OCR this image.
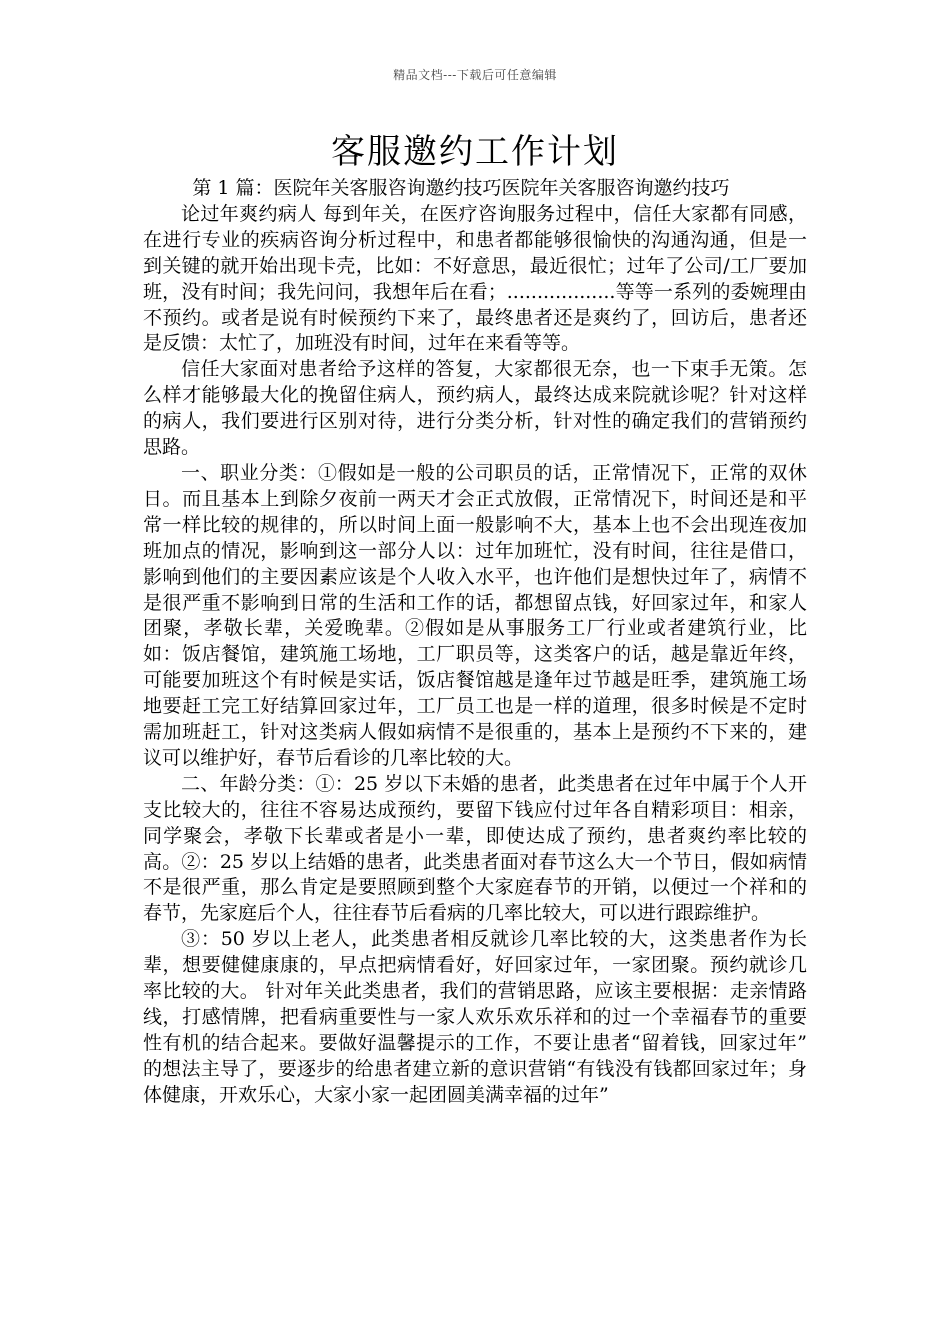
精品文档---下载后可任意编辑
客服邀约工作计划

第 1 篇：医院年关客服咨询邀约技巧医院年关客服咨询邀约技巧

论过年爽约病人 每到年关，在医疗咨询服务过程中，信任大家都有同感，在进行专业的疾病咨询分析过程中，和患者都能够很愉快的沟通沟通，但是一到关键的就开始出现卡壳，比如：不好意思，最近很忙；过年了公司/工厂要加班，没有时间；我先问问，我想年后在看；..................等等一系列的委婉理由不预约。或者是说有时候预约下来了，最终患者还是爽约了，回访后，患者还是反馈：太忙了，加班没有时间，过年在来看等等。

信任大家面对患者给予这样的答复，大家都很无奈，也一下束手无策。怎么样才能够最大化的挽留住病人，预约病人，最终达成来院就诊呢？针对这样的病人，我们要进行区别对待，进行分类分析，针对性的确定我们的营销预约思路。

一、职业分类：①假如是一般的公司职员的话，正常情况下，正常的双休日。而且基本上到除夕夜前一两天才会正式放假，正常情况下，时间还是和平常一样比较的规律的，所以时间上面一般影响不大，基本上也不会出现连夜加班加点的情况，影响到这一部分人以：过年加班忙，没有时间，往往是借口，影响到他们的主要因素应该是个人收入水平，也许他们是想快过年了，病情不是很严重不影响到日常的生活和工作的话，都想留点钱，好回家过年，和家人团聚，孝敬长辈，关爱晚辈。②假如是从事服务工厂行业或者建筑行业，比如：饭店餐馆，建筑施工场地，工厂职员等，这类客户的话，越是靠近年终，可能要加班这个有时候是实话，饭店餐馆越是逢年过节越是旺季，建筑施工场地要赶工完工好结算回家过年，工厂员工也是一样的道理，很多时候是不定时需加班赶工，针对这类病人假如病情不是很重的，基本上是预约不下来的，建议可以维护好，春节后看诊的几率比较的大。

二、年龄分类：①：25 岁以下未婚的患者，此类患者在过年中属于个人开支比较大的，往往不容易达成预约，要留下钱应付过年各自精彩项目：相亲，同学聚会，孝敬下长辈或者是小一辈，即使达成了预约，患者爽约率比较的高。②：25 岁以上结婚的患者，此类患者面对春节这么大一个节日，假如病情不是很严重，那么肯定是要照顾到整个大家庭春节的开销，以便过一个祥和的春节，先家庭后个人，往往春节后看病的几率比较大，可以进行跟踪维护。

③：50 岁以上老人，此类患者相反就诊几率比较的大，这类患者作为长辈，想要健健康康的，早点把病情看好，好回家过年，一家团聚。预约就诊几率比较的大。 针对年关此类患者，我们的营销思路，应该主要根据：走亲情路线，打感情牌，把看病重要性与一家人欢乐欢乐祥和的过一个幸福春节的重要性有机的结合起来。要做好温馨提示的工作，不要让患者“留着钱，回家过年” 的想法主导了，要逐步的给患者建立新的意识营销“有钱没有钱都回家过年；身体健康，开欢乐心，大家小家一起团圆美满幸福的过年”
